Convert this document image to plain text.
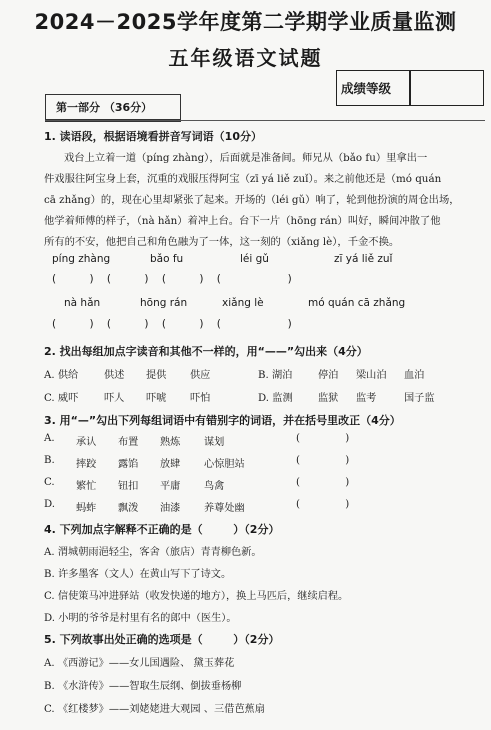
2024－2025学年度第二学期学业质量监测
五年级语文试题
成绩等级
第一部分 （36分）
1. 读语段，根据语境看拼音写词语（10分）
戏台上立着一道（píng zhàng），后面就是准备间。师兄从（bǎo fu）里拿出一
件戏服往阿宝身上套，沉重的戏服压得阿宝（zī yá liě zuǐ）。来之前他还是（mó quán
cā zhǎng）的，现在心里却紧张了起来。开场的（léi gǔ）响了，轮到他扮演的周仓出场，
他学着师傅的样子，（nà hǎn）着冲上台。台下一片（hōng rán）叫好，瞬间冲散了他
所有的不安，他把自己和角色融为了一体，这一刻的（xiǎng lè），千金不换。
píng zhàng	bǎo fu	léi gǔ	zī yá liě zuǐ
(          )    (          )    (          )    (                    )
nà hǎn	hōng rán	xiǎng lè	mó quán cā zhǎng
(          )    (          )    (          )    (                    )
2. 找出每组加点字读音和其他不一样的，用“——”勾出来（4分）
A. 供给	供述 提供 供应	B. 湖泊	停泊 梁山泊 血泊
C. 威吓	吓人 吓唬 吓怕	D. 监测 监狱 监考	国子监
3. 用“—”勾出下列每组词语中有错别字的词语，并在括号里改正（4分）
A. 承认 布置 熟炼 谋划	(              )
B. 摔跤 露馅 放肆 心惊胆站	(              )
C. 繁忙 钮扣 平庸 鸟禽	(              )
D. 蚂蚱 飘泼 油漆 养尊处幽	(              )
4. 下列加点字解释不正确的是（        ）（2分）
A. 渭城朝雨浥轻尘，客舍（旅店）青青柳色新。
B. 许多墨客（文人）在黄山写下了诗文。
C. 信使策马冲进驿站（收发快递的地方），换上马匹后，继续启程。
D. 小明的爷爷是村里有名的郎中（医生）。
5. 下列故事出处正确的选项是（        ）（2分）
A. 《西游记》——女儿国遇险、 黛玉葬花
B. 《水浒传》——智取生辰纲、倒拔垂杨柳
C. 《红楼梦》——刘姥姥进大观园 、三借芭蕉扇
